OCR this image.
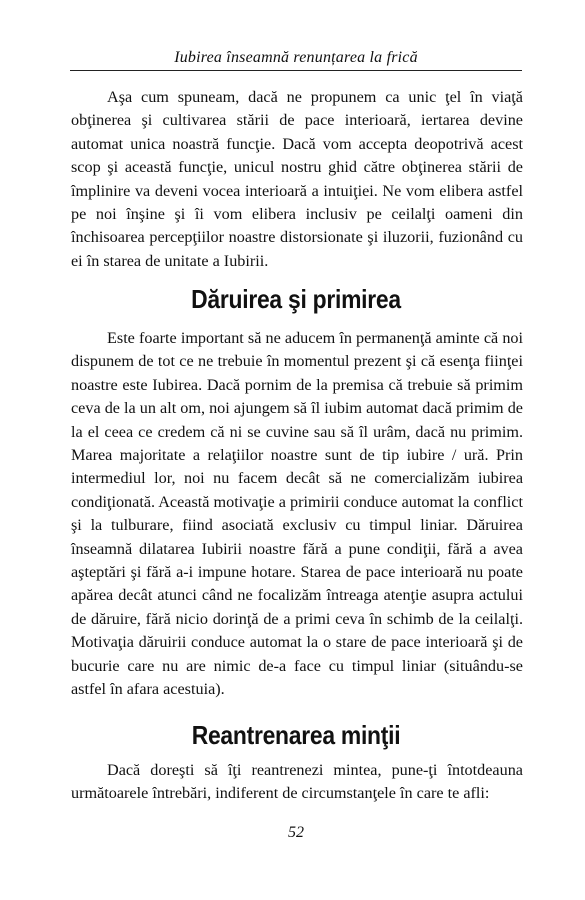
Iubirea înseamnă renunțarea la frică

Aşa cum spuneam, dacă ne propunem ca unic ţel în viaţă obţinerea şi cultivarea stării de pace interioară, iertarea devine automat unica noastră funcţie. Dacă vom accepta deopotrivă acest scop şi această funcţie, unicul nostru ghid către obţinerea stării de împlinire va deveni vocea interioară a intuiţiei. Ne vom elibera astfel pe noi înşine şi îi vom elibera inclusiv pe ceilalţi oameni din închisoarea percepţiilor noastre distorsionate şi iluzorii, fuzionând cu ei în starea de unitate a Iubirii.

Dăruirea şi primirea

Este foarte important să ne aducem în permanenţă aminte că noi dispunem de tot ce ne trebuie în momentul prezent şi că esenţa fiinţei noastre este Iubirea. Dacă pornim de la premisa că trebuie să primim ceva de la un alt om, noi ajungem să îl iubim automat dacă primim de la el ceea ce credem că ni se cuvine sau să îl urâm, dacă nu primim. Marea majoritate a relaţiilor noastre sunt de tip iubire / ură. Prin intermediul lor, noi nu facem decât să ne comercializăm iubirea condiţionată. Această motivaţie a primirii conduce automat la conflict şi la tulburare, fiind asociată exclusiv cu timpul liniar. Dăruirea înseamnă dilatarea Iubirii noastre fără a pune condiţii, fără a avea aşteptări şi fără a-i impune hotare. Starea de pace interioară nu poate apărea decât atunci când ne focalizăm întreaga atenţie asupra actului de dăruire, fără nicio dorinţă de a primi ceva în schimb de la ceilalţi. Motivaţia dăruirii conduce automat la o stare de pace interioară şi de bucurie care nu are nimic de-a face cu timpul liniar (situându-se astfel în afara acestuia).

Reantrenarea minţii

Dacă doreşti să îţi reantrenezi mintea, pune-ţi întotdeauna următoarele întrebări, indiferent de circumstanţele în care te afli:

52
